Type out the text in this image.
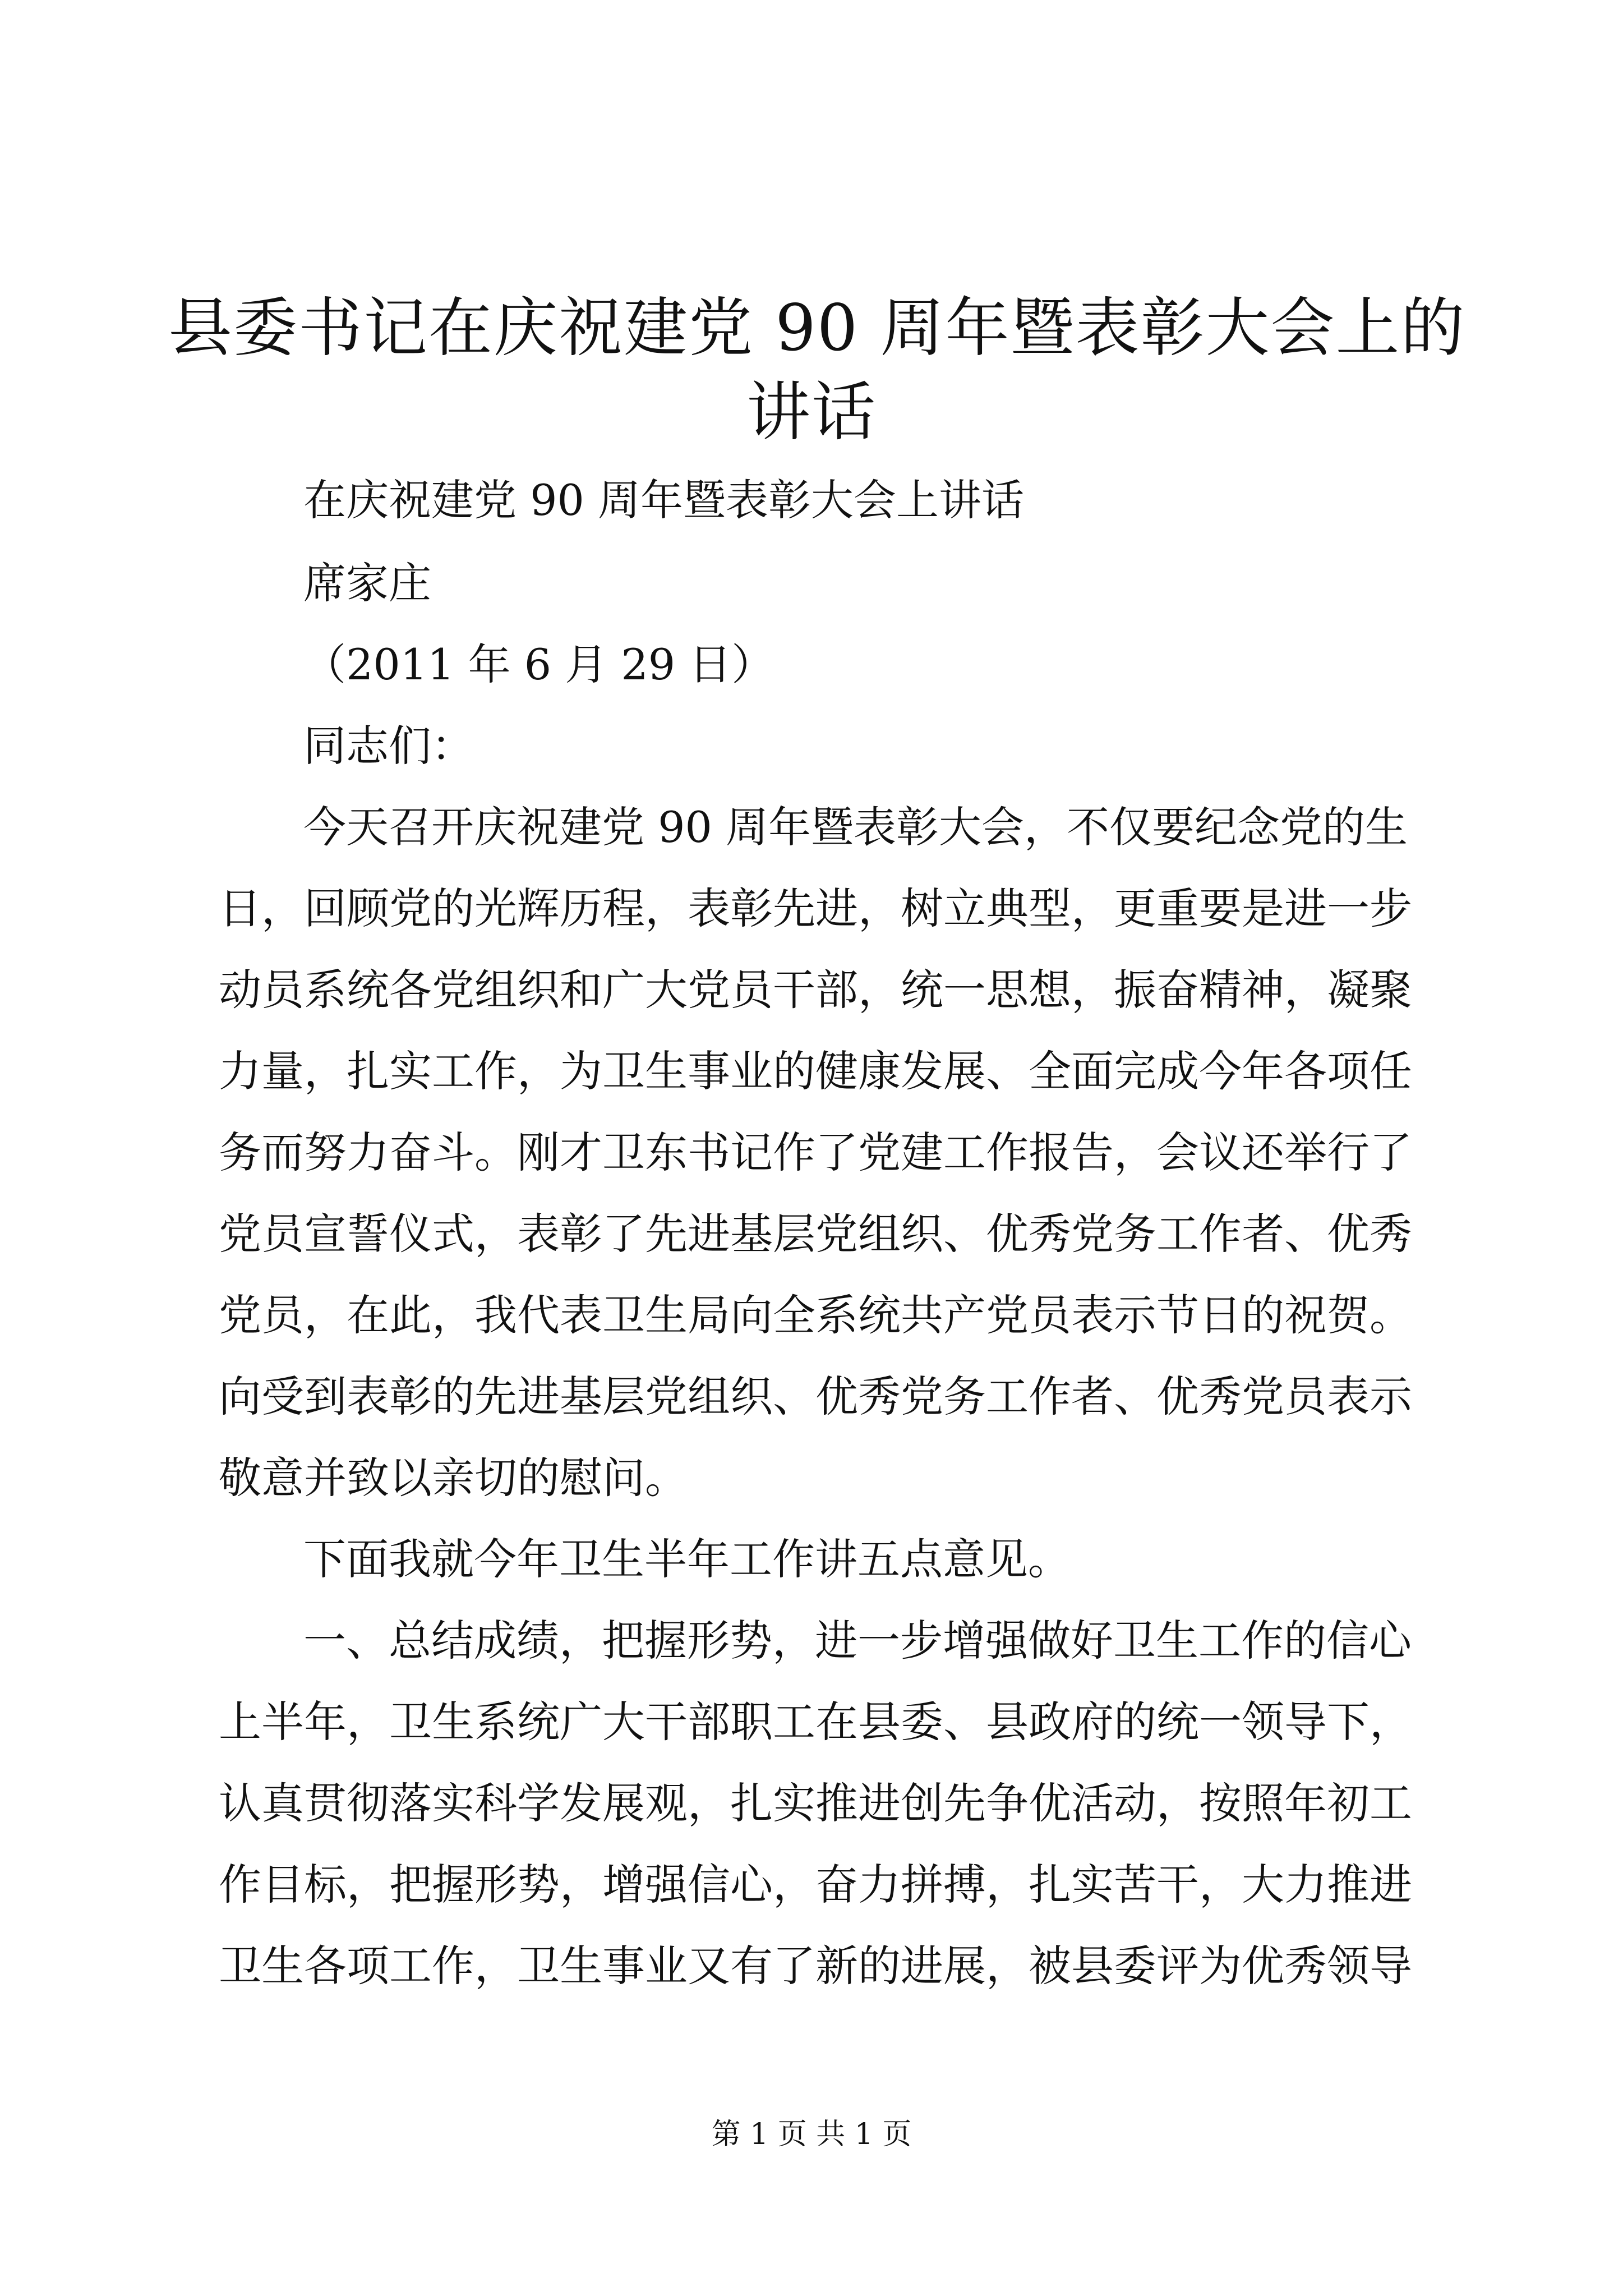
县委书记在庆祝建党 90 周年暨表彰大会上的
讲话
在庆祝建党 90 周年暨表彰大会上讲话
席家庄
（2011 年 6 月 29 日）
同志们：
今天召开庆祝建党 90 周年暨表彰大会，不仅要纪念党的生
日，回顾党的光辉历程，表彰先进，树立典型，更重要是进一步
动员系统各党组织和广大党员干部，统一思想，振奋精神，凝聚
力量，扎实工作，为卫生事业的健康发展、全面完成今年各项任
务而努力奋斗。刚才卫东书记作了党建工作报告，会议还举行了
党员宣誓仪式，表彰了先进基层党组织、优秀党务工作者、优秀
党员，在此，我代表卫生局向全系统共产党员表示节日的祝贺。
向受到表彰的先进基层党组织、优秀党务工作者、优秀党员表示
敬意并致以亲切的慰问。
下面我就今年卫生半年工作讲五点意见。
一、总结成绩，把握形势，进一步增强做好卫生工作的信心
上半年，卫生系统广大干部职工在县委、县政府的统一领导下，
认真贯彻落实科学发展观，扎实推进创先争优活动，按照年初工
作目标，把握形势，增强信心，奋力拼搏，扎实苦干，大力推进
卫生各项工作，卫生事业又有了新的进展，被县委评为优秀领导
第 1 页 共 1 页
